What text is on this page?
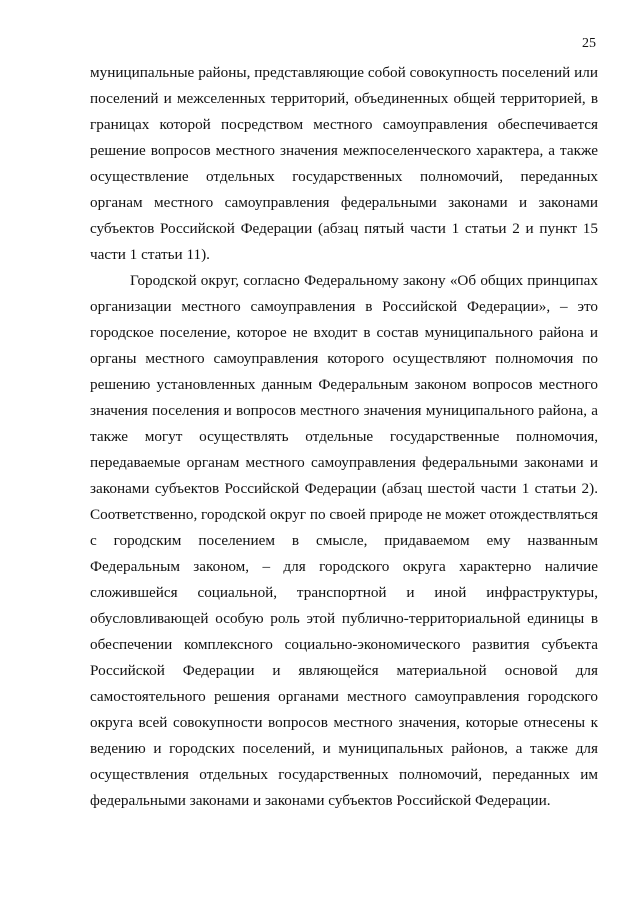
25

муниципальные районы, представляющие собой совокупность поселений или поселений и межселенных территорий, объединенных общей территорией, в границах которой посредством местного самоуправления обеспечивается решение вопросов местного значения межпоселенческого характера, а также осуществление отдельных государственных полномочий, переданных органам местного самоуправления федеральными законами и законами субъектов Российской Федерации (абзац пятый части 1 статьи 2 и пункт 15 части 1 статьи 11).

Городской округ, согласно Федеральному закону «Об общих принципах организации местного самоуправления в Российской Федерации», – это городское поселение, которое не входит в состав муниципального района и органы местного самоуправления которого осуществляют полномочия по решению установленных данным Федеральным законом вопросов местного значения поселения и вопросов местного значения муниципального района, а также могут осуществлять отдельные государственные полномочия, передаваемые органам местного самоуправления федеральными законами и законами субъектов Российской Федерации (абзац шестой части 1 статьи 2). Соответственно, городской округ по своей природе не может отождествляться с городским поселением в смысле, придаваемом ему названным Федеральным законом, – для городского округа характерно наличие сложившейся социальной, транспортной и иной инфраструктуры, обусловливающей особую роль этой публично-территориальной единицы в обеспечении комплексного социально-экономического развития субъекта Российской Федерации и являющейся материальной основой для самостоятельного решения органами местного самоуправления городского округа всей совокупности вопросов местного значения, которые отнесены к ведению и городских поселений, и муниципальных районов, а также для осуществления отдельных государственных полномочий, переданных им федеральными законами и законами субъектов Российской Федерации.
